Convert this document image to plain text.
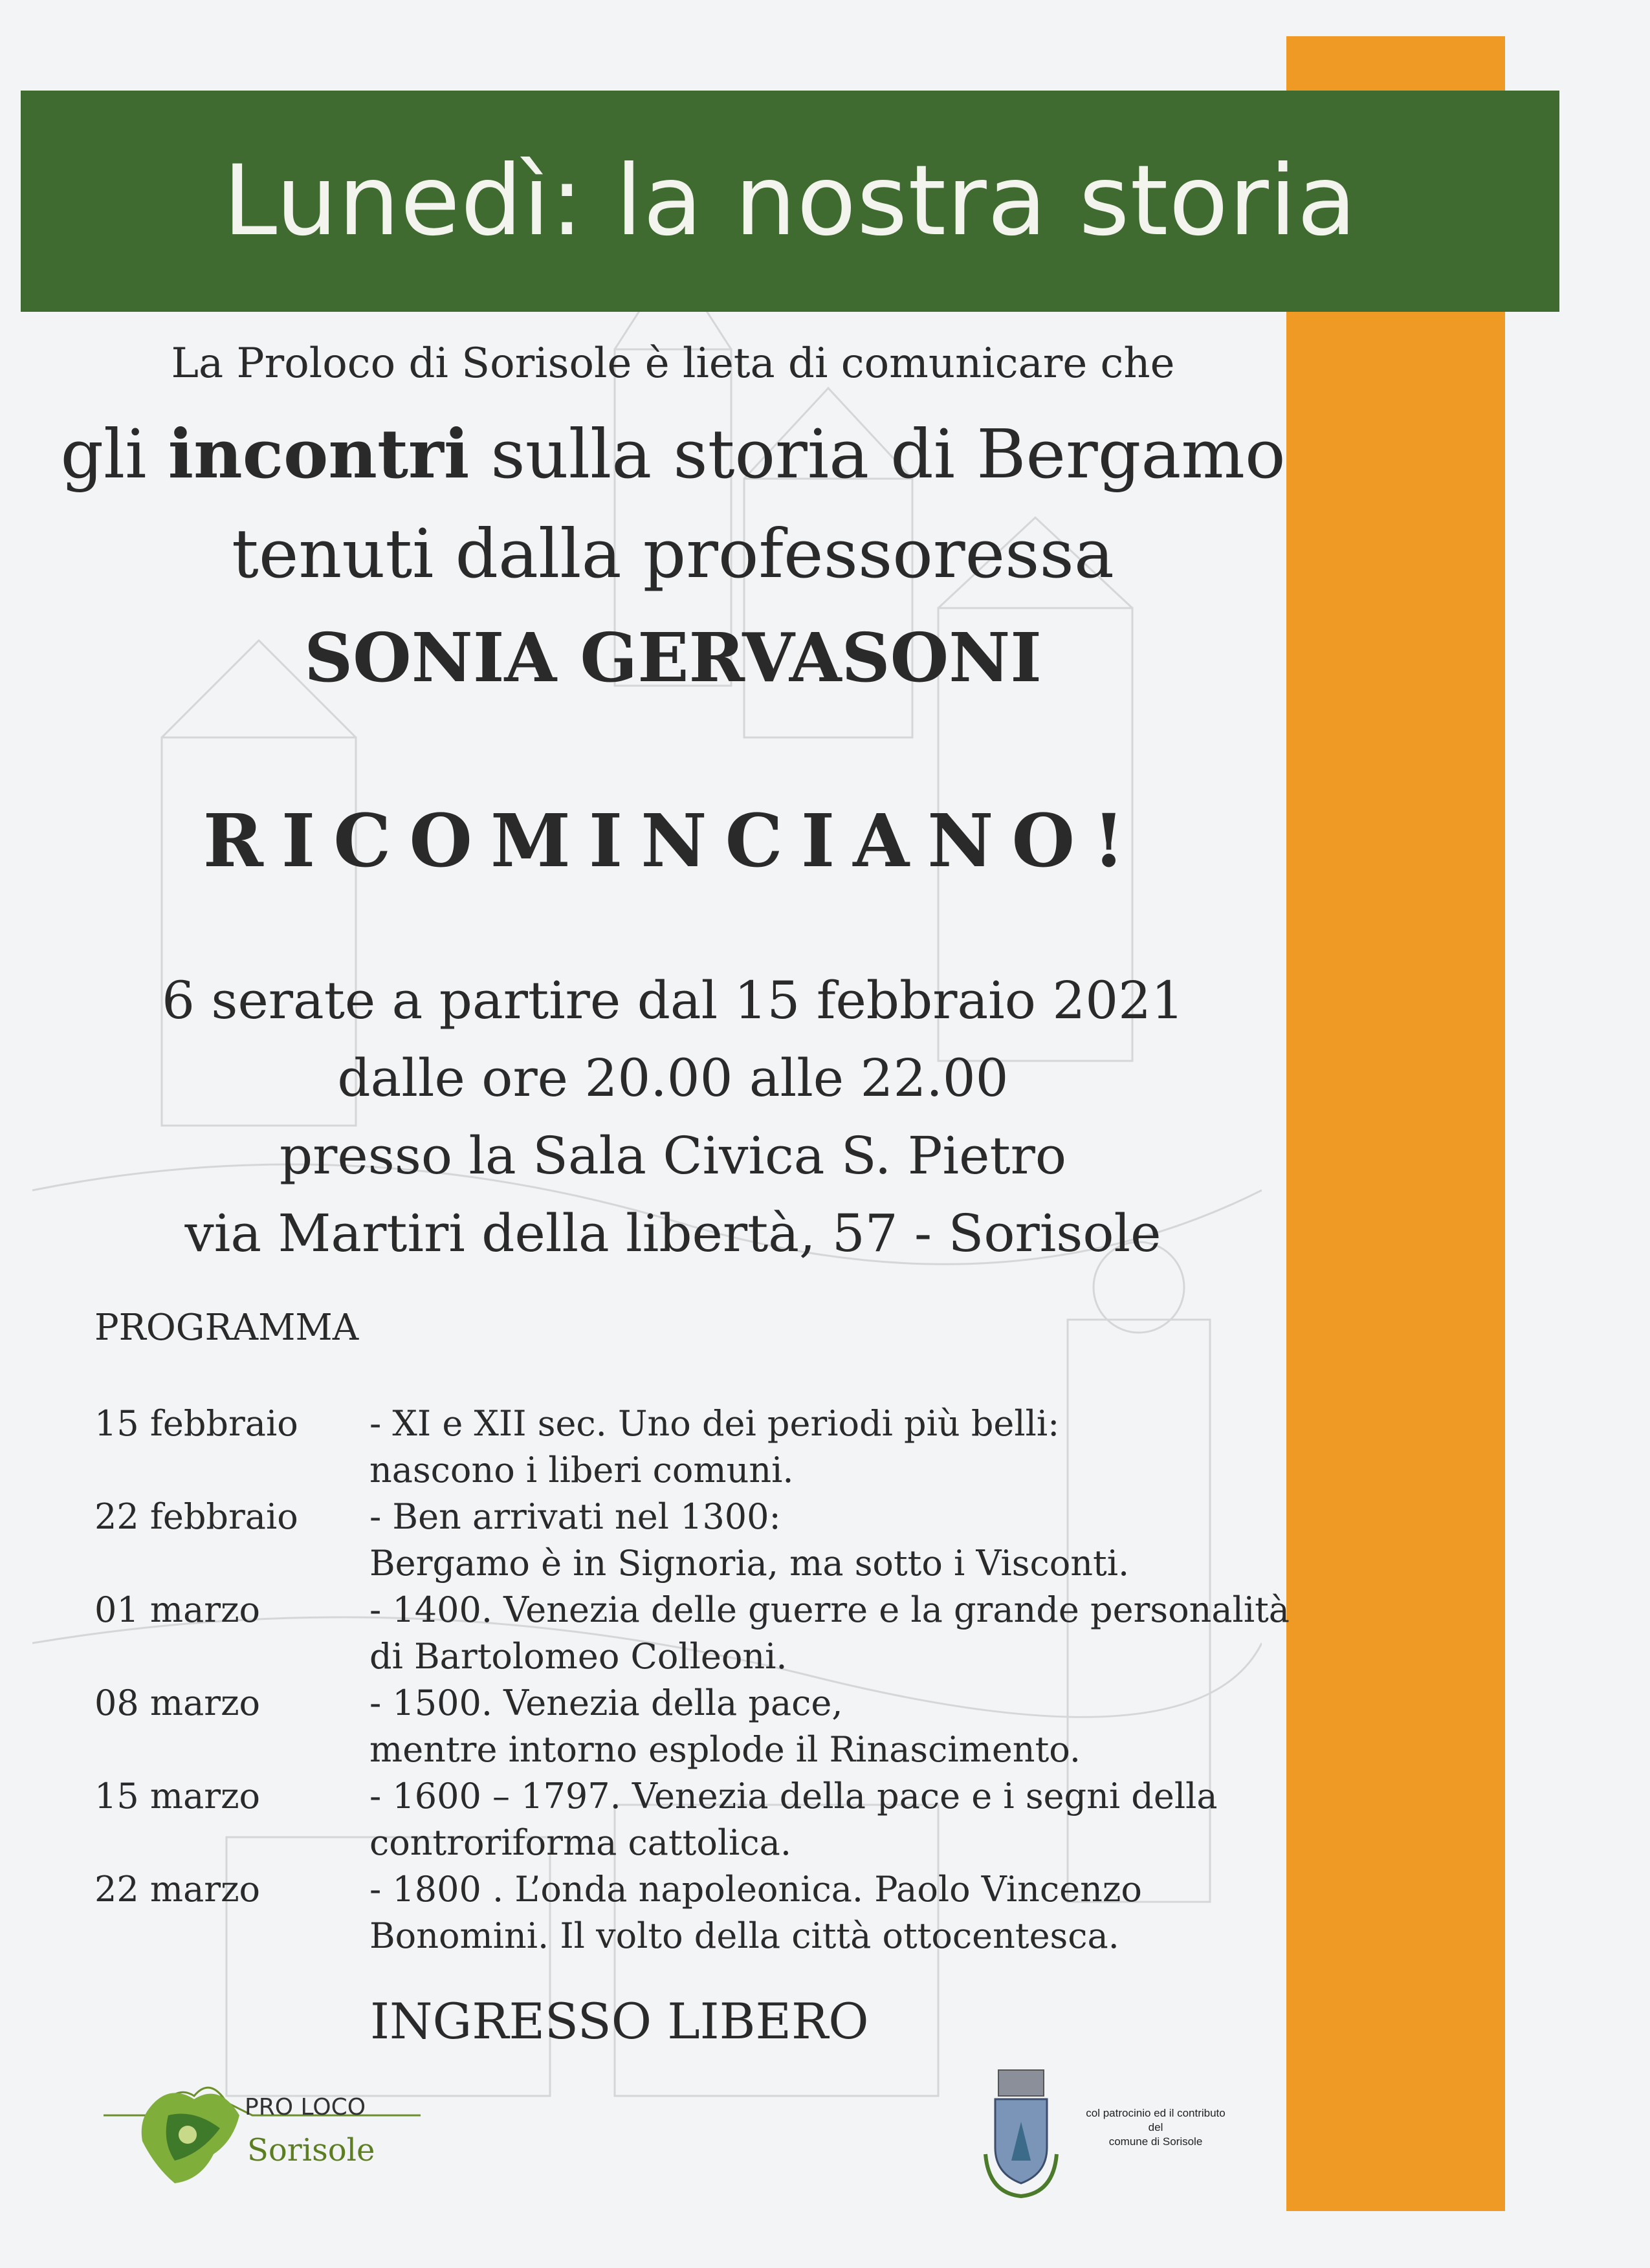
Lunedì: la nostra storia
La Proloco di Sorisole è lieta di comunicare che
gli incontri sulla storia di Bergamo
tenuti dalla professoressa
SONIA GERVASONI
RICOMINCIANO!
6 serate a partire dal 15 febbraio 2021
dalle ore 20.00 alle 22.00
presso la Sala Civica S. Pietro
via Martiri della libertà, 57 - Sorisole
PROGRAMMA
15 febbraio	- XI e XII sec. Uno dei periodi più belli:
nascono i liberi comuni.
22 febbraio	- Ben arrivati nel 1300:
Bergamo è in Signoria, ma sotto i Visconti.
01 marzo	- 1400. Venezia delle guerre e la grande personalità
di Bartolomeo Colleoni.
08 marzo	- 1500. Venezia della pace,
mentre intorno esplode il Rinascimento.
15 marzo	- 1600 – 1797. Venezia della pace e i segni della
controriforma cattolica.
22 marzo	- 1800 . L’onda napoleonica. Paolo Vincenzo
Bonomini. Il volto della città ottocentesca.
INGRESSO LIBERO
PRO LOCO
Sorisole
col patrocinio ed il contributo
del
comune di Sorisole
